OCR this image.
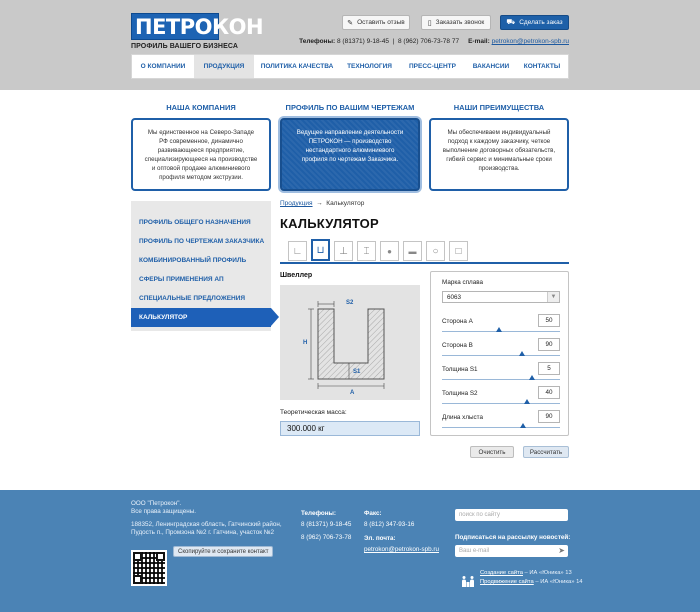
ПЕТРОКОН
ПРОФИЛЬ ВАШЕГО БИЗНЕСА
✎ Оставить отзыв	▯ Заказать звонок	⛟ Сделать заказ
Телефоны: 8 (81371) 9-18-45  |  8 (962) 706-73-78 77 E-mail: petrokon@petrokon-spb.ru
О КОМПАНИИ	ПРОДУКЦИЯ	ПОЛИТИКА КАЧЕСТВА ТЕХНОЛОГИЯ	ПРЕСС-ЦЕНТР	ВАКАНСИИ КОНТАКТЫ
НАША КОМПАНИЯ
Мы единственное на Северо-Западе РФ современное, динамично развивающееся предприятие, специализирующееся на производстве и оптовой продаже алюминиевого профиля методом экструзии.
ПРОФИЛЬ ПО ВАШИМ ЧЕРТЕЖАМ
Ведущее направление деятельности ПЕТРОКОН — производство нестандартного алюминиевого профиля по чертежам Заказчика.
НАШИ ПРЕИМУЩЕСТВА
Мы обеспечиваем индивидуальный подход к каждому заказчику, четкое выполнение договорных обязательств, гибкий сервис и минимальные сроки производства.
ПРОФИЛЬ ОБЩЕГО НАЗНАЧЕНИЯ
ПРОФИЛЬ ПО ЧЕРТЕЖАМ ЗАКАЗЧИКА
КОМБИНИРОВАННЫЙ ПРОФИЛЬ
СФЕРЫ ПРИМЕНЕНИЯ АП
СПЕЦИАЛЬНЫЕ ПРЕДЛОЖЕНИЯ
КАЛЬКУЛЯТОР
Продукция → Калькулятор
КАЛЬКУЛЯТОР
∟ ⊔ ⊥ ⌶ ● ▬ ○ □
Швеллер
S2
H
S1
A
Теоретическая масса:
300.000 кг
Марка сплава
6063	▼
Сторона А	50
Сторона В	90
Толщина S1	5
Толщина S2	40
Длина хлыста	90
Очистить	Рассчитать
ООО "Петрокон".
Все права защищены.
188352, Ленинградская область, Гатчинский район, Пудость п., Промзона №2 г. Гатчина, участок №2
Скопируйте и сохраните контакт
Телефоны:
8 (81371) 9-18-45
8 (962) 706-73-78
Факс:
8 (812) 347-93-16
Эл. почта:
petrokon@petrokon-spb.ru
поиск по сайту
Подписаться на рассылку новостей:
Ваш e-mail	➤
Создание сайта – ИА «Юника» 13
Продвижение сайта – ИА «Юника» 14
